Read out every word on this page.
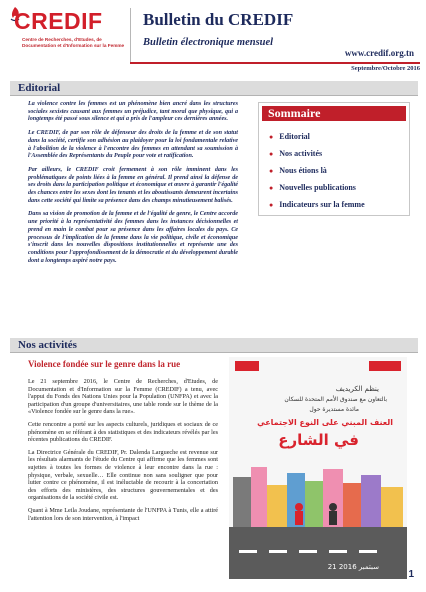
CREDIF
Centre de Recherches, d'Etudes, de Documentation et d'Information sur la Femme
Bulletin du CREDIF
Bulletin électronique mensuel
www.credif.org.tn
Septembre/Octobre 2016
Editorial

La violence contre les femmes est un phénomène bien ancré dans les structures sociales sexistes causant aux femmes un préjudice, tant moral que physique, qui a longtemps été passé sous silence et qui a pris de l'ampleur ces dernières années.

Le CREDIF, de par son rôle de défenseur des droits de la femme et de son statut dans la société, certifie son adhésion au plaidoyer pour la loi fondamentale relative à l'abolition de la violence à l'encontre des femmes en attendant sa soumission à l'Assemblée des Représentants du Peuple pour vote et ratification.

Par ailleurs, le CREDIF croit fermement à son rôle imminent dans les problématiques de points liées à la femme en général. Il prend ainsi la défense de ses droits dans la participation politique et économique et œuvre à garantir l'égalité des chances entre les sexes dont les tenants et les aboutissants demeurent incertains dans cette société qui limite sa présence dans des champs minutieusement balisés.

Dans sa vision de promotion de la femme et de l'égalité de genre, le Centre accorde une priorité à la représentativité des femmes dans les instances décisionnelles et prend en main le combat pour sa présence dans les affaires locales du pays. Ce processus de l'implication de la femme dans la vie politique, civile et économique s'inscrit dans les nouvelles dispositions institutionnelles et représente une des conditions pour l'approfondissement de la démocratie et du développement durable dont a longtemps aspiré notre pays.

Sommaire
● Editorial
● Nos activités
● Nous étions là
● Nouvelles publications
● Indicateurs sur la femme
Nos activités
Violence fondée sur le genre dans la rue

Le 21 septembre 2016, le Centre de Recherches, d'Etudes, de Documentation et d'Information sur la Femme (CREDIF) a tenu, avec l'appui du Fonds des Nations Unies pour la Population (UNFPA) et avec la participation d'un groupe d'universitaires, une table ronde sur le thème de la «Violence fondée sur le genre dans la rue».

Cette rencontre a porté sur les aspects culturels, juridiques et sociaux de ce phénomène en se référant à des statistiques et des indicateurs révélés par les récentes publications du CREDIF.

La Directrice Générale du CREDIF, Pr. Dalenda Largueche est revenue sur les résultats alarmants de l'étude du Centre qui affirme que les femmes sont sujettes à toutes les formes de violence à leur encontre dans la rue : physique, verbale, sexuelle… Elle continue non sans souligner que pour lutter contre ce phénomène, il est inéluctable de recourir à la concertation des efforts des ministères, des structures gouvernementales et des organisations de la société civile est.

Quant à Mme Leila Joudane, représentante de l'UNFPA à Tunis, elle a attiré l'attention lors de son intervention, à l'impact

ينظم الكريديف
بالتعاون مع صندوق الأمم المتحدة للسكان
مائدة مستديرة حول
العنف المبني على النوع الاجتماعي
في الشارع
21 سبتمبر 2016
1
